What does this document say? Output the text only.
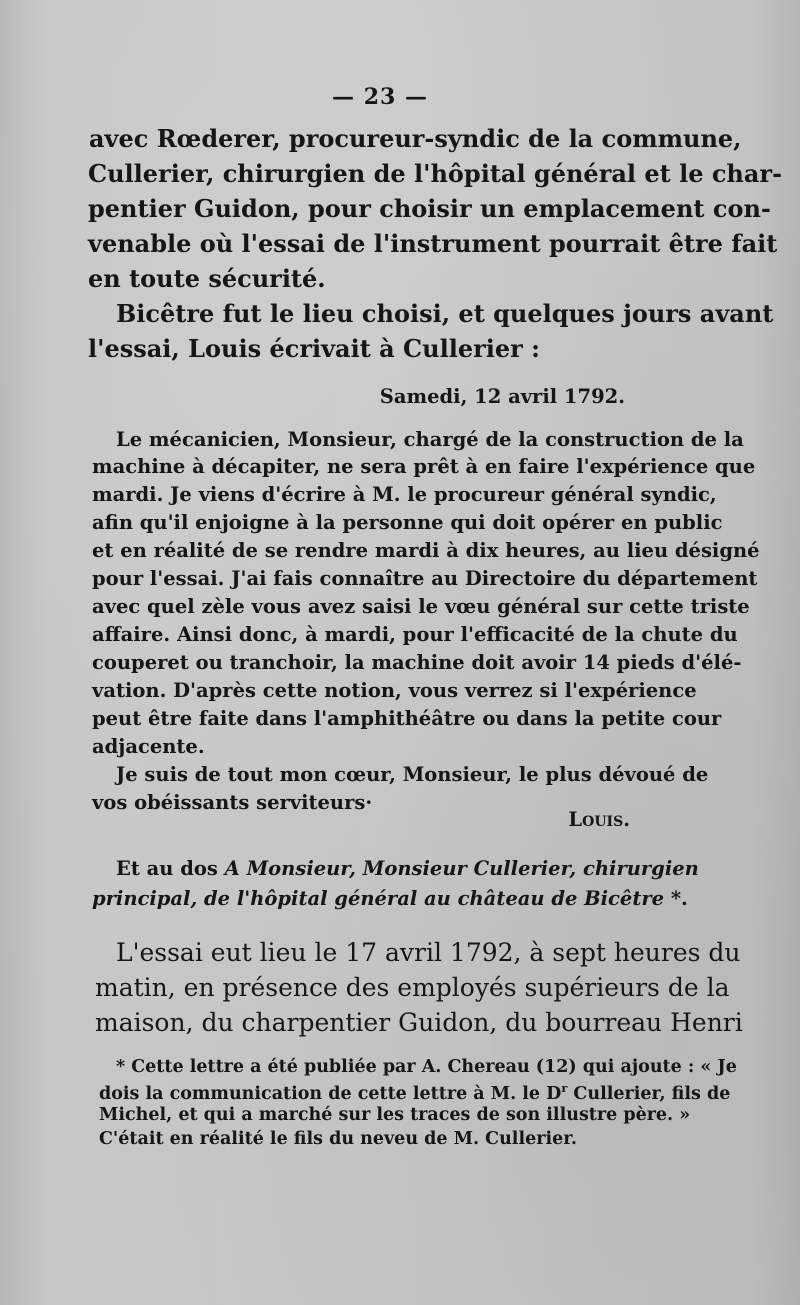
— 23 —
avec Rœderer, procureur-syndic de la commune,
Cullerier, chirurgien de l'hôpital général et le char-
pentier Guidon, pour choisir un emplacement con-
venable où l'essai de l'instrument pourrait être fait
en toute sécurité.
Bicêtre fut le lieu choisi, et quelques jours avant
l'essai, Louis écrivait à Cullerier :
Samedi, 12 avril 1792.
Le mécanicien, Monsieur, chargé de la construction de la
machine à décapiter, ne sera prêt à en faire l'expérience que
mardi. Je viens d'écrire à M. le procureur général syndic,
afin qu'il enjoigne à la personne qui doit opérer en public
et en réalité de se rendre mardi à dix heures, au lieu désigné
pour l'essai. J'ai fais connaître au Directoire du département
avec quel zèle vous avez saisi le vœu général sur cette triste
affaire. Ainsi donc, à mardi, pour l'efficacité de la chute du
couperet ou tranchoir, la machine doit avoir 14 pieds d'élé-
vation. D'après cette notion, vous verrez si l'expérience
peut être faite dans l'amphithéâtre ou dans la petite cour
adjacente.
Je suis de tout mon cœur, Monsieur, le plus dévoué de
vos obéissants serviteurs·
Louis.
Et au dos A Monsieur, Monsieur Cullerier, chirurgien
principal, de l'hôpital général au château de Bicêtre *.
L'essai eut lieu le 17 avril 1792, à sept heures du
matin, en présence des employés supérieurs de la
maison, du charpentier Guidon, du bourreau Henri
* Cette lettre a été publiée par A. Chereau (12) qui ajoute : « Je
dois la communication de cette lettre à M. le $D^r$ Cullerier, fils de
Michel, et qui a marché sur les traces de son illustre père. »
C'était en réalité le fils du neveu de M. Cullerier.
